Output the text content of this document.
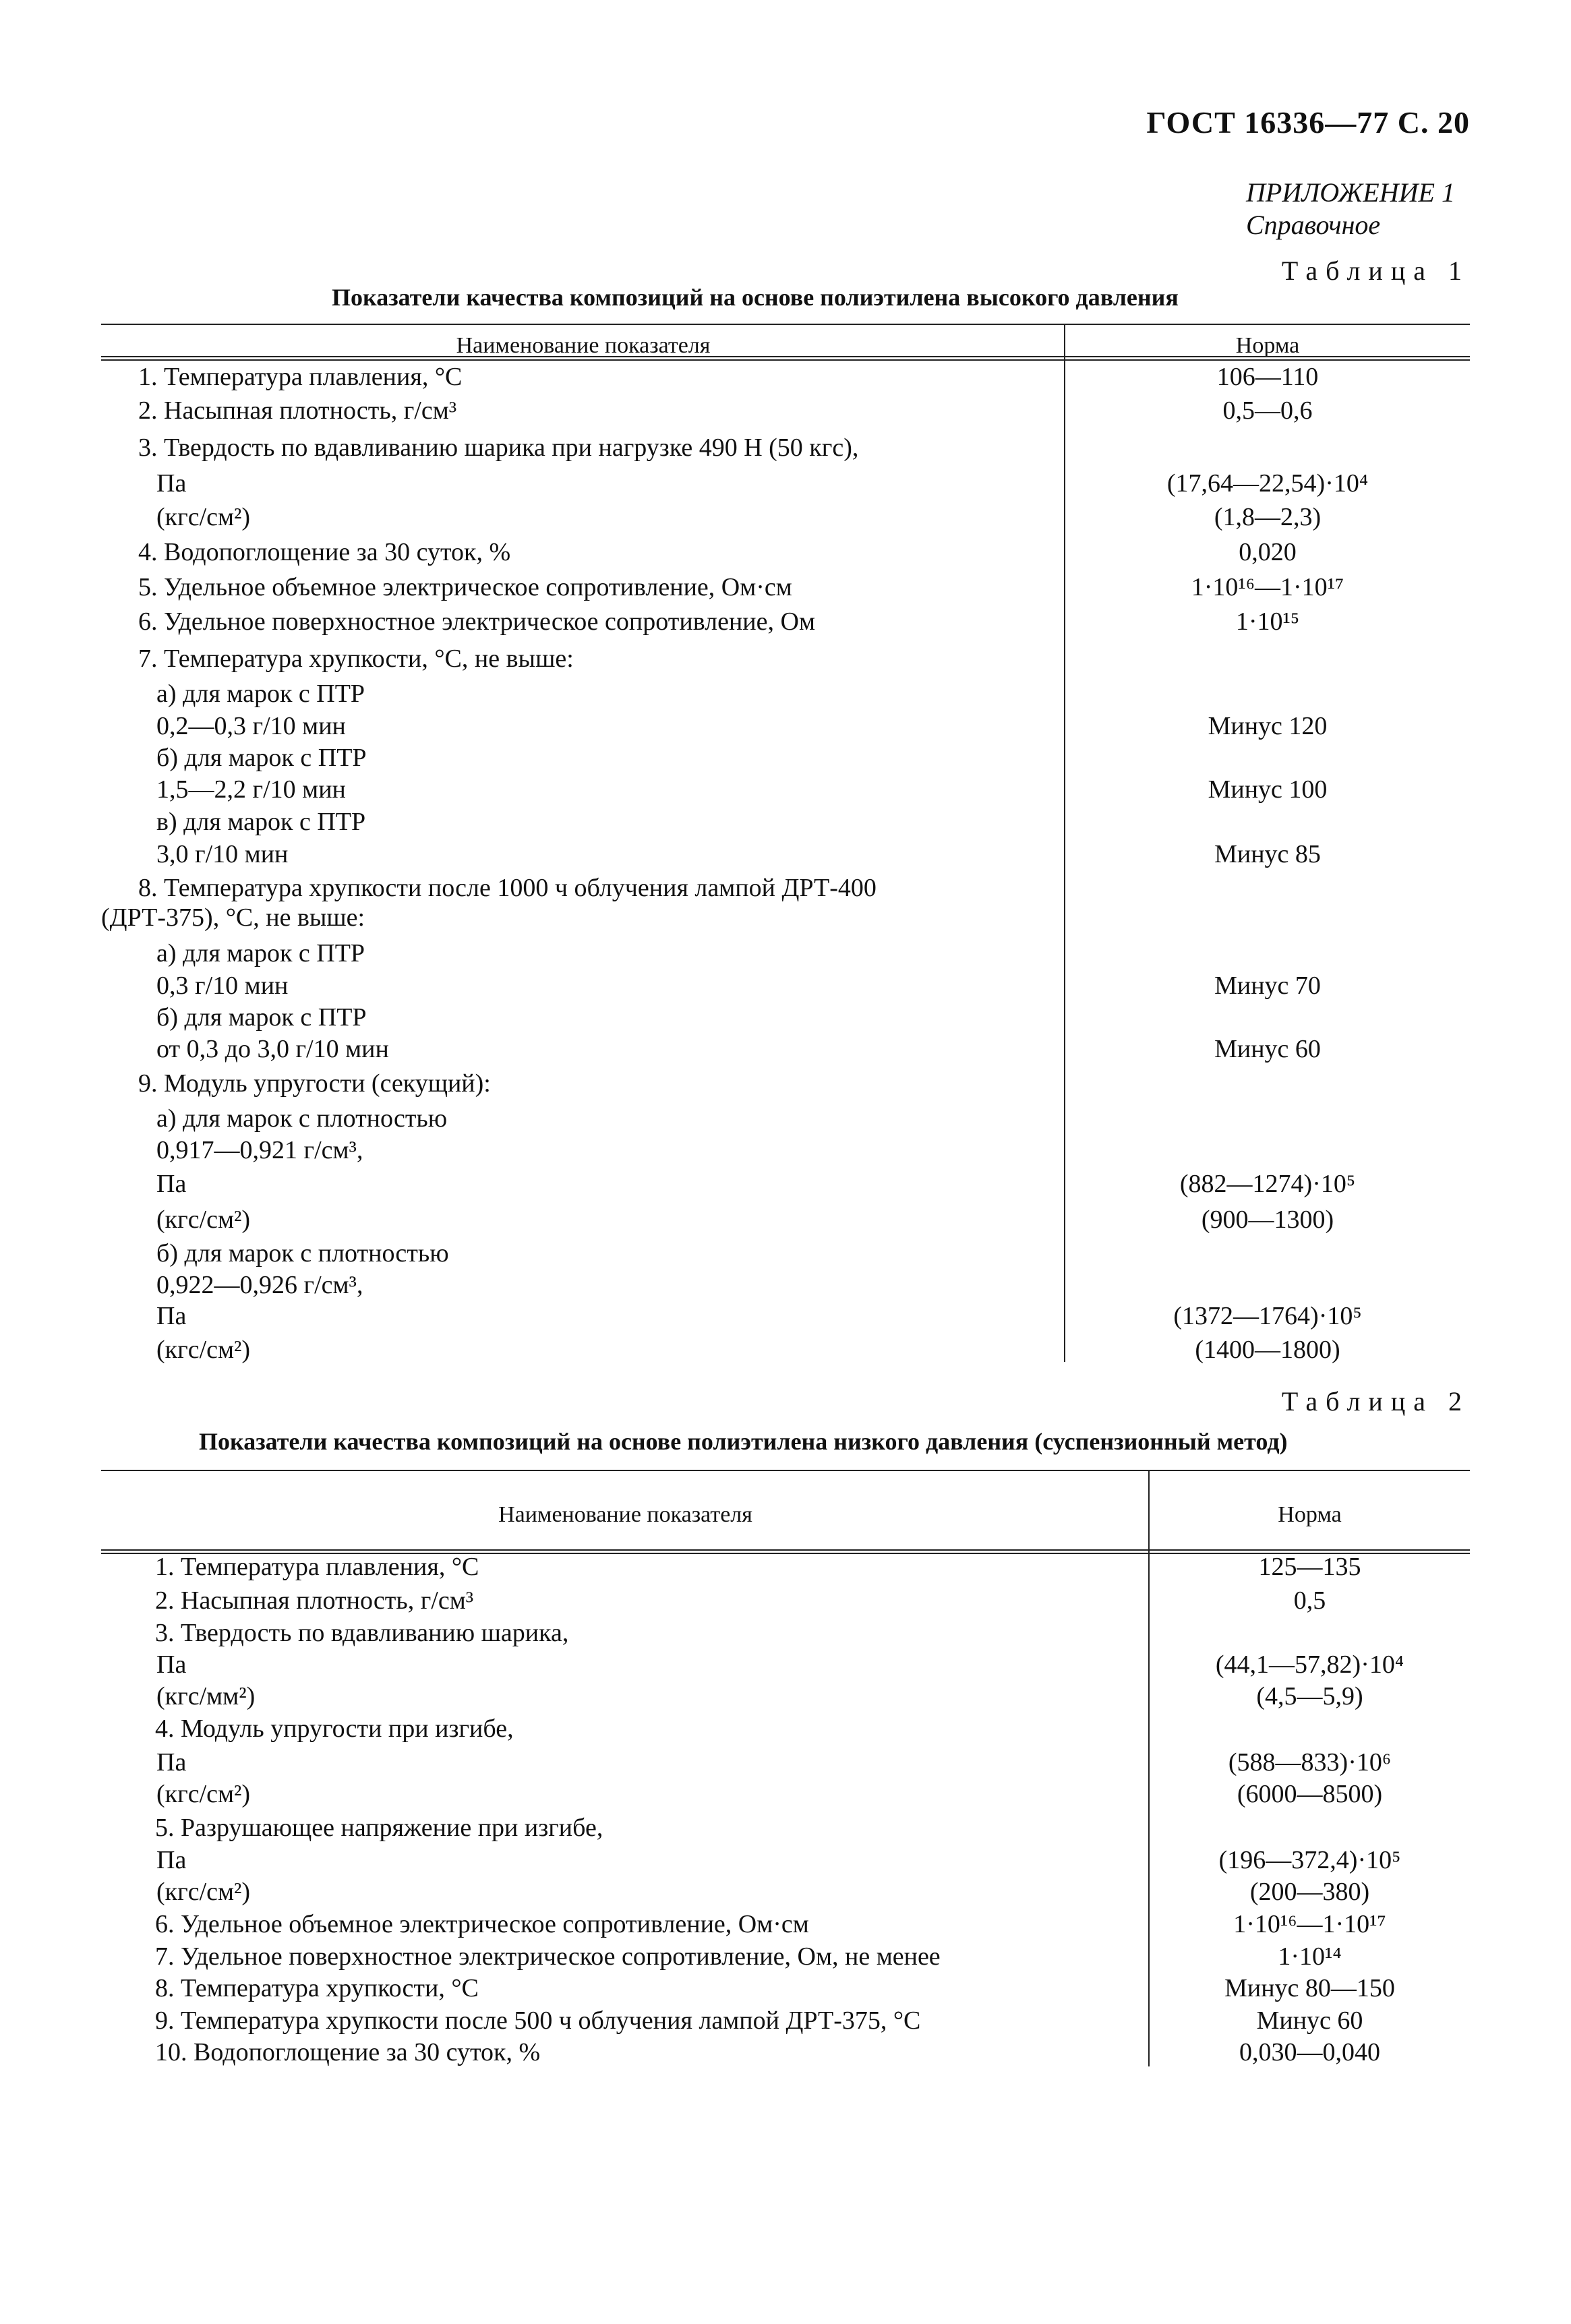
ГОСТ 16336—77 С. 20
ПРИЛОЖЕНИЕ 1
Справочное
Таблица 1
Показатели качества композиций на основе полиэтилена высокого давления
Наименование показателя	Норма
1. Температура плавления, °С	106—110
2. Насыпная плотность, г/см³	0,5—0,6
3. Твердость по вдавливанию шарика при нагрузке 490 Н (50 кгс),
Па	(17,64—22,54)·10⁴
(кгс/см²)	(1,8—2,3)
4. Водопоглощение за 30 суток, %	0,020
5. Удельное объемное электрическое сопротивление, Ом·см	1·10¹⁶—1·10¹⁷
6. Удельное поверхностное электрическое сопротивление, Ом	1·10¹⁵
7. Температура хрупкости, °С, не выше:
а) для марок с ПТР
0,2—0,3 г/10 мин	Минус 120
б) для марок с ПТР
1,5—2,2 г/10 мин	Минус 100
в) для марок с ПТР
3,0 г/10 мин	Минус 85
8. Температура хрупкости после 1000 ч облучения лампой ДРТ-400
(ДРТ-375), °С, не выше:
а) для марок с ПТР
0,3 г/10 мин	Минус 70
б) для марок с ПТР
от 0,3 до 3,0 г/10 мин	Минус 60
9. Модуль упругости (секущий):
а) для марок с плотностью
0,917—0,921 г/см³,
Па	(882—1274)·10⁵
(кгс/см²)	(900—1300)
б) для марок с плотностью
0,922—0,926 г/см³,
Па	(1372—1764)·10⁵
(кгс/см²)	(1400—1800)
Таблица 2
Показатели качества композиций на основе полиэтилена низкого давления (суспензионный метод)
Наименование показателя	Норма
1. Температура плавления, °С	125—135
2. Насыпная плотность, г/см³	0,5
3. Твердость по вдавливанию шарика,
Па	(44,1—57,82)·10⁴
(кгс/мм²)	(4,5—5,9)
4. Модуль упругости при изгибе,
Па	(588—833)·10⁶
(кгс/см²)	(6000—8500)
5. Разрушающее напряжение при изгибе,
Па	(196—372,4)·10⁵
(кгс/см²)	(200—380)
6. Удельное объемное электрическое сопротивление, Ом·см	1·10¹⁶—1·10¹⁷
7. Удельное поверхностное электрическое сопротивление, Ом, не менее	1·10¹⁴
8. Температура хрупкости, °С	Минус 80—150
9. Температура хрупкости после 500 ч облучения лампой ДРТ-375, °С	Минус 60
10. Водопоглощение за 30 суток, %	0,030—0,040
